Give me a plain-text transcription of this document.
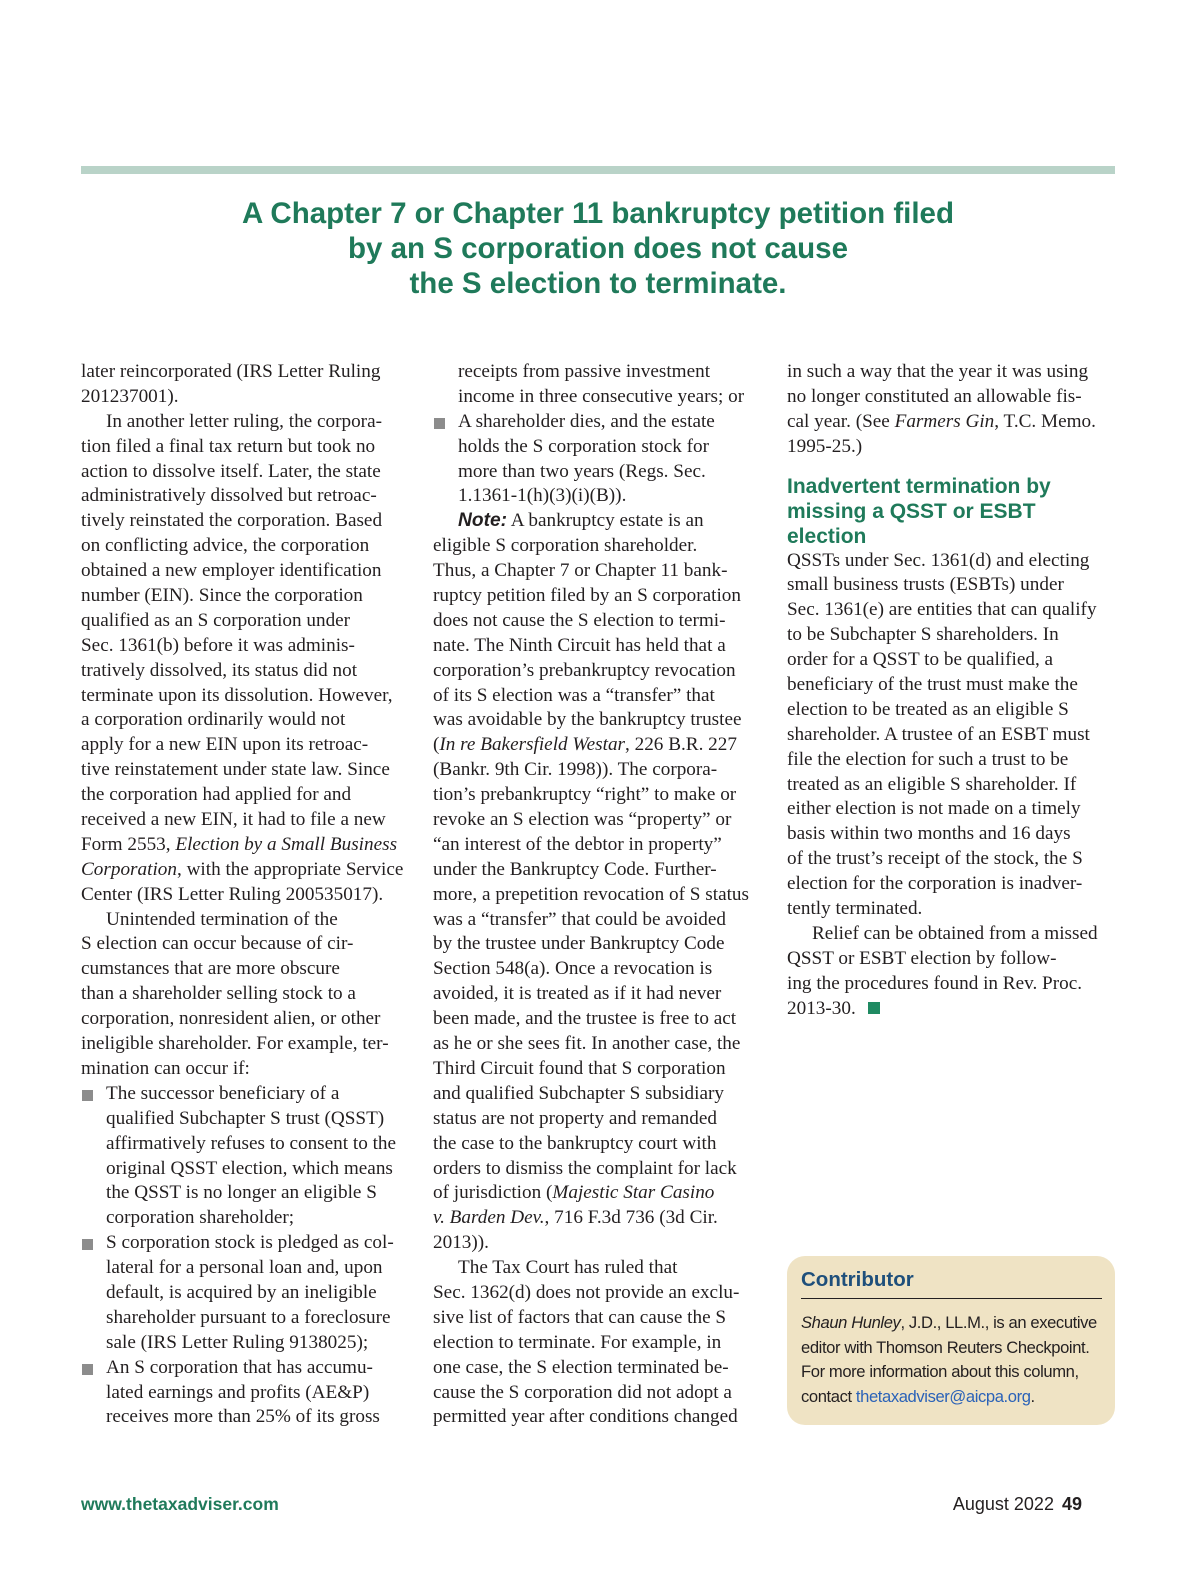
A Chapter 7 or Chapter 11 bankruptcy petition filed
by an S corporation does not cause
the S election to terminate.
later reincorporated (IRS Letter Ruling
201237001).
In another letter ruling, the corpora-
tion filed a final tax return but took no
action to dissolve itself. Later, the state
administratively dissolved but retroac-
tively reinstated the corporation. Based
on conflicting advice, the corporation
obtained a new employer identification
number (EIN). Since the corporation
qualified as an S corporation under
Sec. 1361(b) before it was adminis-
tratively dissolved, its status did not
terminate upon its dissolution. However,
a corporation ordinarily would not
apply for a new EIN upon its retroac-
tive reinstatement under state law. Since
the corporation had applied for and
received a new EIN, it had to file a new
Form 2553, Election by a Small Business
Corporation, with the appropriate Service
Center (IRS Letter Ruling 200535017).
Unintended termination of the
S election can occur because of cir-
cumstances that are more obscure
than a shareholder selling stock to a
corporation, nonresident alien, or other
ineligible shareholder. For example, ter-
mination can occur if:
The successor beneficiary of a
qualified Subchapter S trust (QSST)
affirmatively refuses to consent to the
original QSST election, which means
the QSST is no longer an eligible S
corporation shareholder;
S corporation stock is pledged as col-
lateral for a personal loan and, upon
default, is acquired by an ineligible
shareholder pursuant to a foreclosure
sale (IRS Letter Ruling 9138025);
An S corporation that has accumu-
lated earnings and profits (AE&P)
receives more than 25% of its gross
receipts from passive investment
income in three consecutive years; or
A shareholder dies, and the estate
holds the S corporation stock for
more than two years (Regs. Sec.
1.1361-1(h)(3)(i)(B)).
Note: A bankruptcy estate is an
eligible S corporation shareholder.
Thus, a Chapter 7 or Chapter 11 bank-
ruptcy petition filed by an S corporation
does not cause the S election to termi-
nate. The Ninth Circuit has held that a
corporation’s prebankruptcy revocation
of its S election was a “transfer” that
was avoidable by the bankruptcy trustee
(In re Bakersfield Westar, 226 B.R. 227
(Bankr. 9th Cir. 1998)). The corpora-
tion’s prebankruptcy “right” to make or
revoke an S election was “property” or
“an interest of the debtor in property”
under the Bankruptcy Code. Further-
more, a prepetition revocation of S status
was a “transfer” that could be avoided
by the trustee under Bankruptcy Code
Section 548(a). Once a revocation is
avoided, it is treated as if it had never
been made, and the trustee is free to act
as he or she sees fit. In another case, the
Third Circuit found that S corporation
and qualified Subchapter S subsidiary
status are not property and remanded
the case to the bankruptcy court with
orders to dismiss the complaint for lack
of jurisdiction (Majestic Star Casino
v. Barden Dev., 716 F.3d 736 (3d Cir.
2013)).
The Tax Court has ruled that
Sec. 1362(d) does not provide an exclu-
sive list of factors that can cause the S
election to terminate. For example, in
one case, the S election terminated be-
cause the S corporation did not adopt a
permitted year after conditions changed
in such a way that the year it was using
no longer constituted an allowable fis-
cal year. (See Farmers Gin, T.C. Memo.
1995-25.)
Inadvertent termination by
missing a QSST or ESBT
election
QSSTs under Sec. 1361(d) and electing
small business trusts (ESBTs) under
Sec. 1361(e) are entities that can qualify
to be Subchapter S shareholders. In
order for a QSST to be qualified, a
beneficiary of the trust must make the
election to be treated as an eligible S
shareholder. A trustee of an ESBT must
file the election for such a trust to be
treated as an eligible S shareholder. If
either election is not made on a timely
basis within two months and 16 days
of the trust’s receipt of the stock, the S
election for the corporation is inadver-
tently terminated.
Relief can be obtained from a missed
QSST or ESBT election by follow-
ing the procedures found in Rev. Proc.
2013-30.
Contributor
Shaun Hunley, J.D., LL.M., is an executive
editor with Thomson Reuters Checkpoint.
For more information about this column,
contact thetaxadviser@aicpa.org.
www.thetaxadviser.com	August 2022 49
